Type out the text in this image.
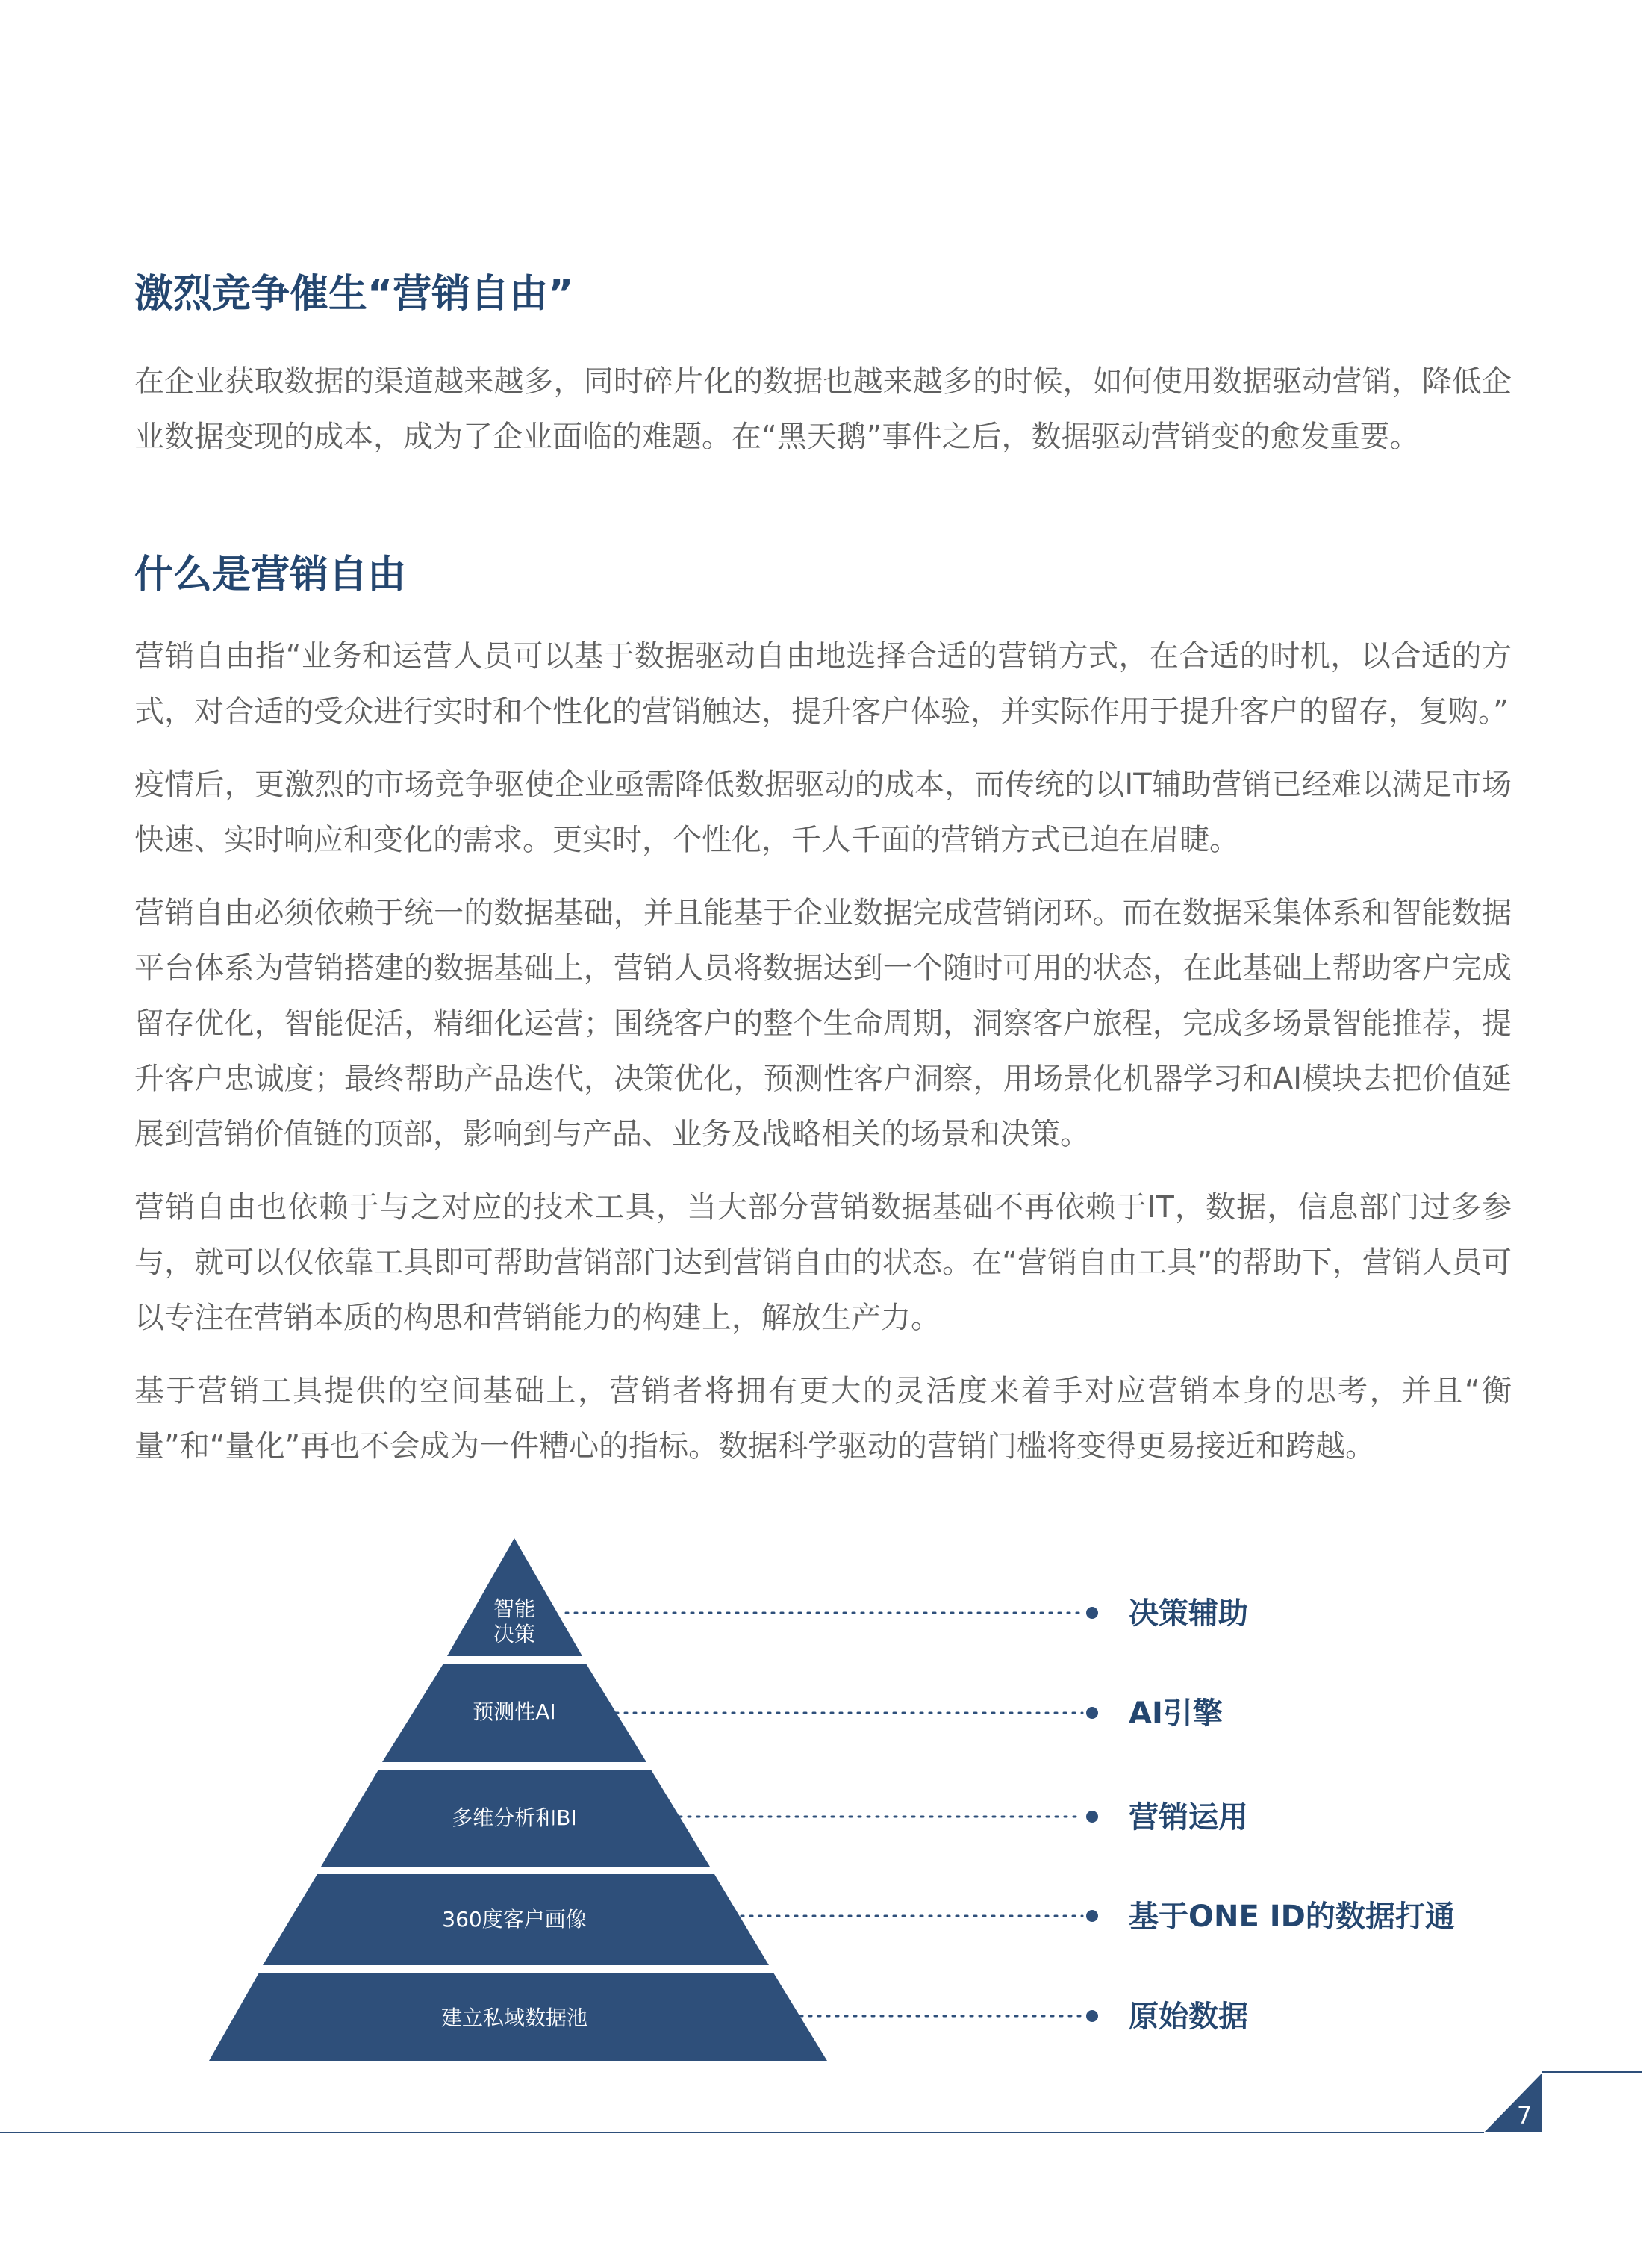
激烈竞争催生“营销自由”

在企业获取数据的渠道越来越多，同时碎片化的数据也越来越多的时候，如何使用数据驱动营销，降低企业数据变现的成本，成为了企业面临的难题。在“黑天鹅”事件之后，数据驱动营销变的愈发重要。

什么是营销自由

营销自由指“业务和运营人员可以基于数据驱动自由地选择合适的营销方式，在合适的时机，以合适的方式，对合适的受众进行实时和个性化的营销触达，提升客户体验，并实际作用于提升客户的留存，复购。”

疫情后，更激烈的市场竞争驱使企业亟需降低数据驱动的成本，而传统的以IT辅助营销已经难以满足市场快速、实时响应和变化的需求。更实时，个性化，千人千面的营销方式已迫在眉睫。

营销自由必须依赖于统一的数据基础，并且能基于企业数据完成营销闭环。而在数据采集体系和智能数据平台体系为营销搭建的数据基础上，营销人员将数据达到一个随时可用的状态，在此基础上帮助客户完成留存优化，智能促活，精细化运营；围绕客户的整个生命周期，洞察客户旅程，完成多场景智能推荐，提升客户忠诚度；最终帮助产品迭代，决策优化，预测性客户洞察，用场景化机器学习和AI模块去把价值延展到营销价值链的顶部，影响到与产品、业务及战略相关的场景和决策。

营销自由也依赖于与之对应的技术工具，当大部分营销数据基础不再依赖于IT，数据，信息部门过多参与，就可以仅依靠工具即可帮助营销部门达到营销自由的状态。在“营销自由工具”的帮助下，营销人员可以专注在营销本质的构思和营销能力的构建上，解放生产力。

基于营销工具提供的空间基础上，营销者将拥有更大的灵活度来着手对应营销本身的思考，并且“衡量”和“量化”再也不会成为一件糟心的指标。数据科学驱动的营销门槛将变得更易接近和跨越。

智能
决策
预测性AI
多维分析和BI
360度客户画像
建立私域数据池
决策辅助
AI引擎
营销运用
基于ONE ID的数据打通
原始数据
7
